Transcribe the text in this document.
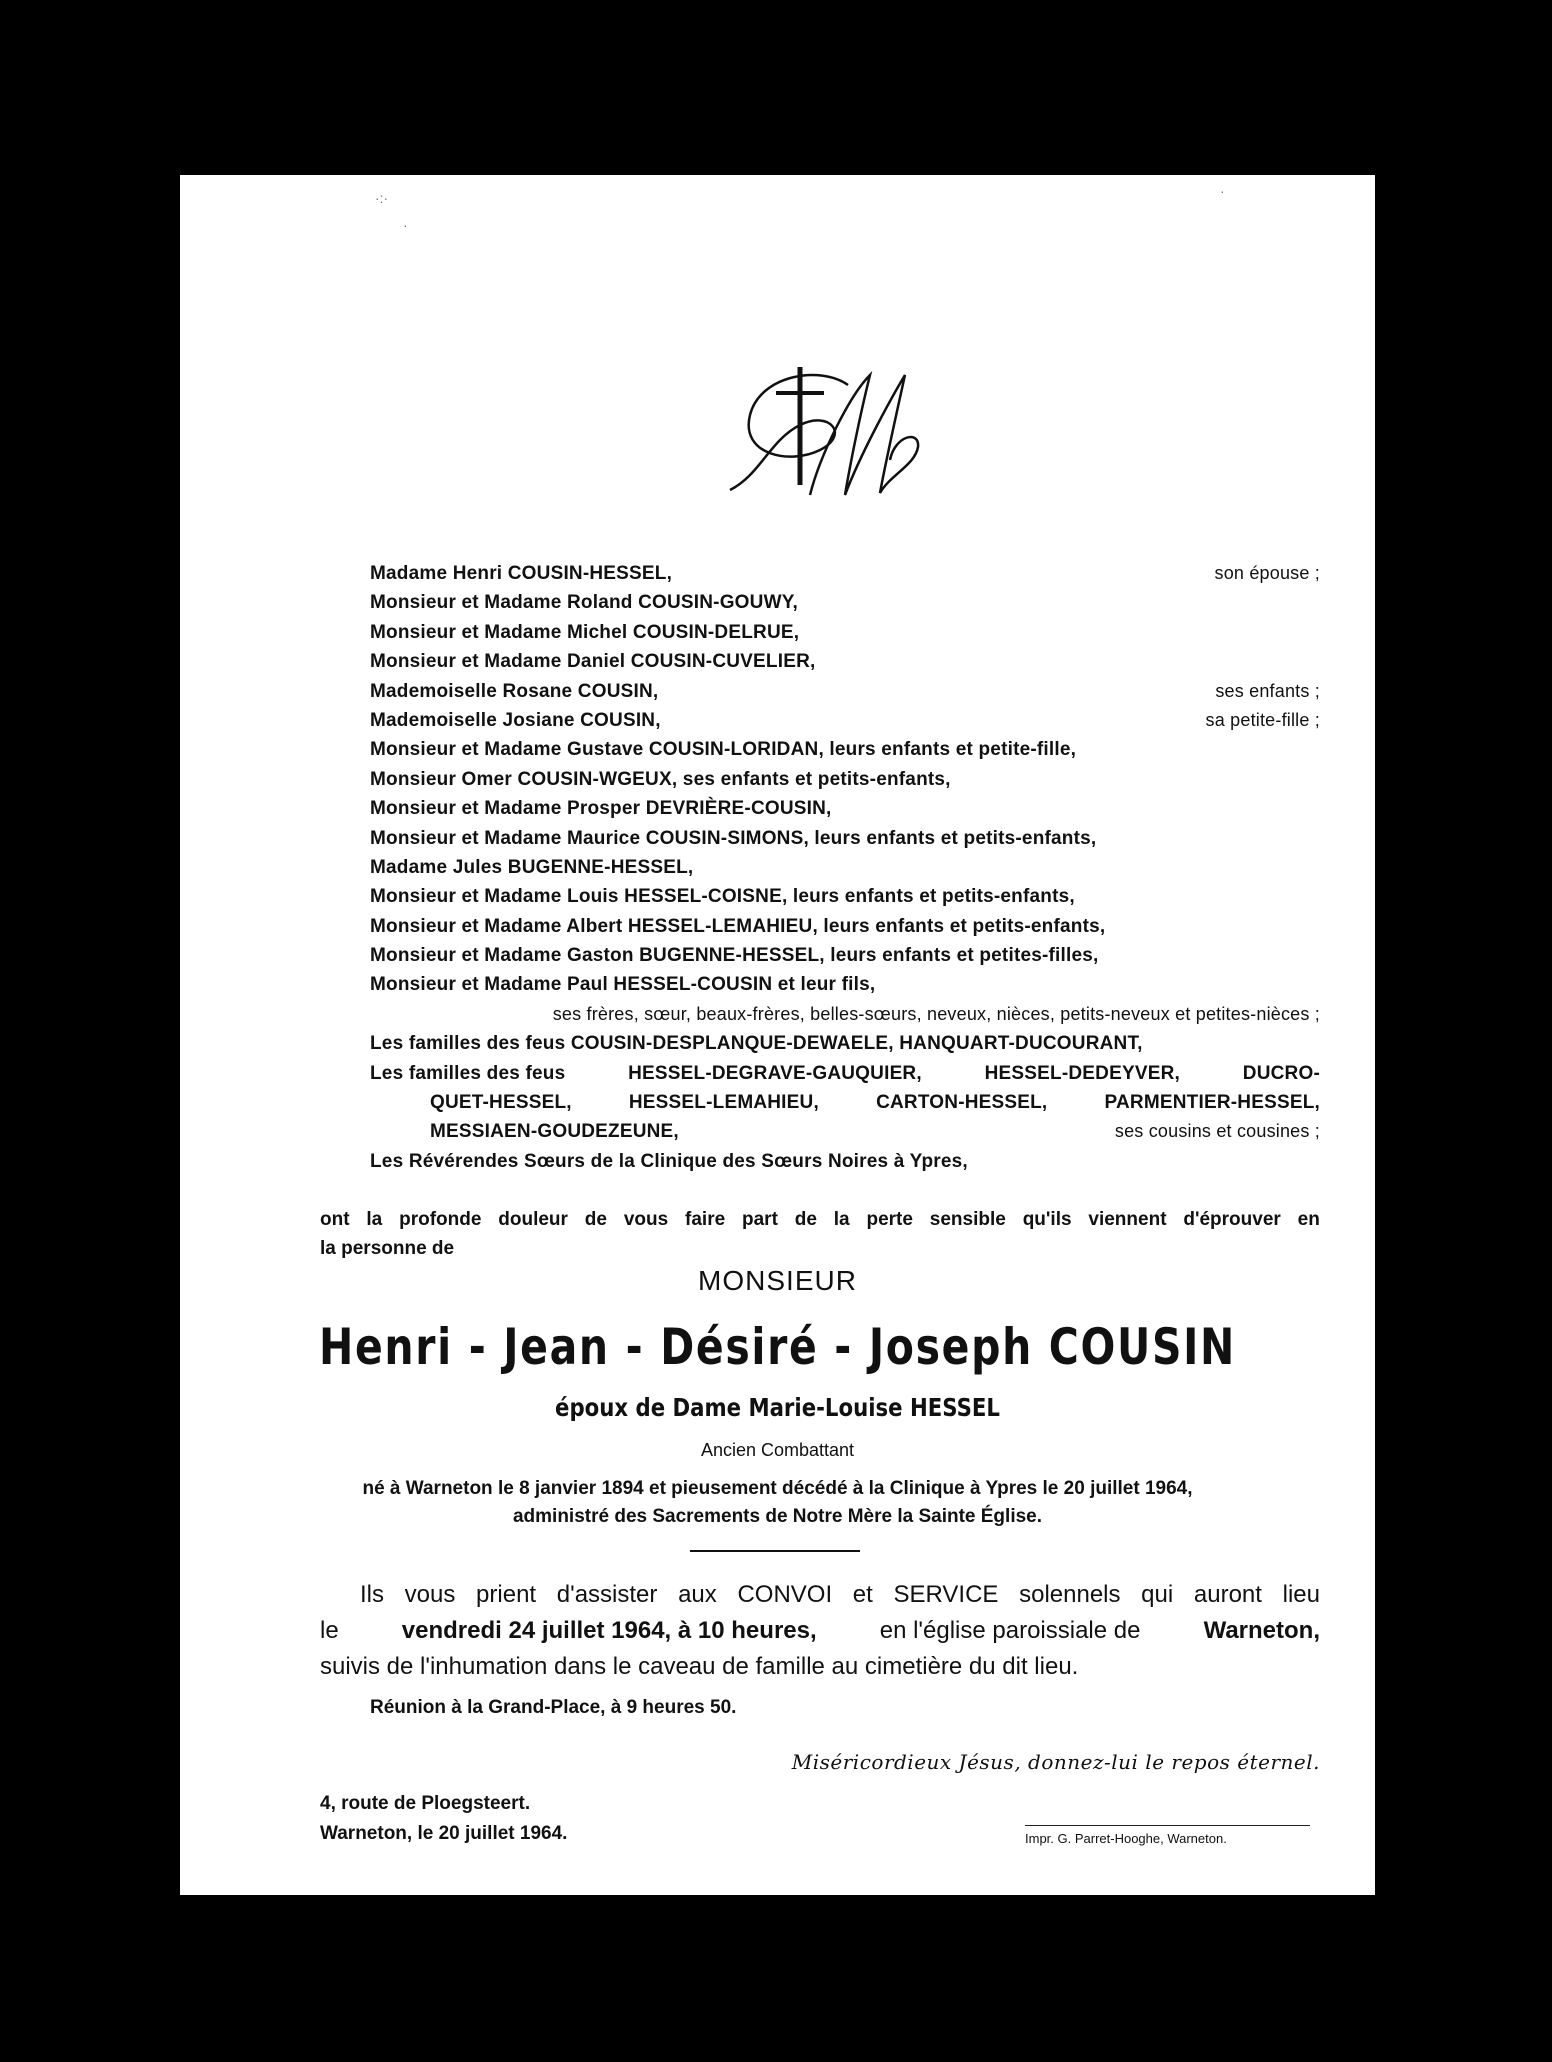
·:·
·
·
Madame Henri COUSIN-HESSEL,	son épouse ;
Monsieur et Madame Roland COUSIN-GOUWY,
Monsieur et Madame Michel COUSIN-DELRUE,
Monsieur et Madame Daniel COUSIN-CUVELIER,
Mademoiselle Rosane COUSIN,	ses enfants ;
Mademoiselle Josiane COUSIN,	sa petite-fille ;
Monsieur et Madame Gustave COUSIN-LORIDAN, leurs enfants et petite-fille,
Monsieur Omer COUSIN-WGEUX, ses enfants et petits-enfants,
Monsieur et Madame Prosper DEVRIÈRE-COUSIN,
Monsieur et Madame Maurice COUSIN-SIMONS, leurs enfants et petits-enfants,
Madame Jules BUGENNE-HESSEL,
Monsieur et Madame Louis HESSEL-COISNE, leurs enfants et petits-enfants,
Monsieur et Madame Albert HESSEL-LEMAHIEU, leurs enfants et petits-enfants,
Monsieur et Madame Gaston BUGENNE-HESSEL, leurs enfants et petites-filles,
Monsieur et Madame Paul HESSEL-COUSIN et leur fils,
ses frères, sœur, beaux-frères, belles-sœurs, neveux, nièces, petits-neveux et petites-nièces ;
Les familles des feus COUSIN-DESPLANQUE-DEWAELE, HANQUART-DUCOURANT,
Les familles des feus	HESSEL-DEGRAVE-GAUQUIER,	HESSEL-DEDEYVER,	DUCRO-
QUET-HESSEL,	HESSEL-LEMAHIEU,	CARTON-HESSEL,	PARMENTIER-HESSEL,
MESSIAEN-GOUDEZEUNE,	ses cousins et cousines ;
Les Révérendes Sœurs de la Clinique des Sœurs Noires à Ypres,
ont la profonde douleur de vous faire part de la perte sensible qu'ils viennent d'éprouver en
la personne de
MONSIEUR
Henri - Jean - Désiré - Joseph COUSIN
époux de Dame Marie-Louise HESSEL
Ancien Combattant
né à Warneton le 8 janvier 1894 et pieusement décédé à la Clinique à Ypres le 20 juillet 1964,
administré des Sacrements de Notre Mère la Sainte Église.
Ils vous prient d'assister aux CONVOI et SERVICE solennels qui auront lieu
le	vendredi 24 juillet 1964, à 10 heures,	en l'église paroissiale de	Warneton,
suivis de l'inhumation dans le caveau de famille au cimetière du dit lieu.
Réunion à la Grand-Place, à 9 heures 50.
Miséricordieux Jésus, donnez-lui le repos éternel.
4, route de Ploegsteert.
Warneton, le 20 juillet 1964.	Impr. G. Parret-Hooghe, Warneton.
